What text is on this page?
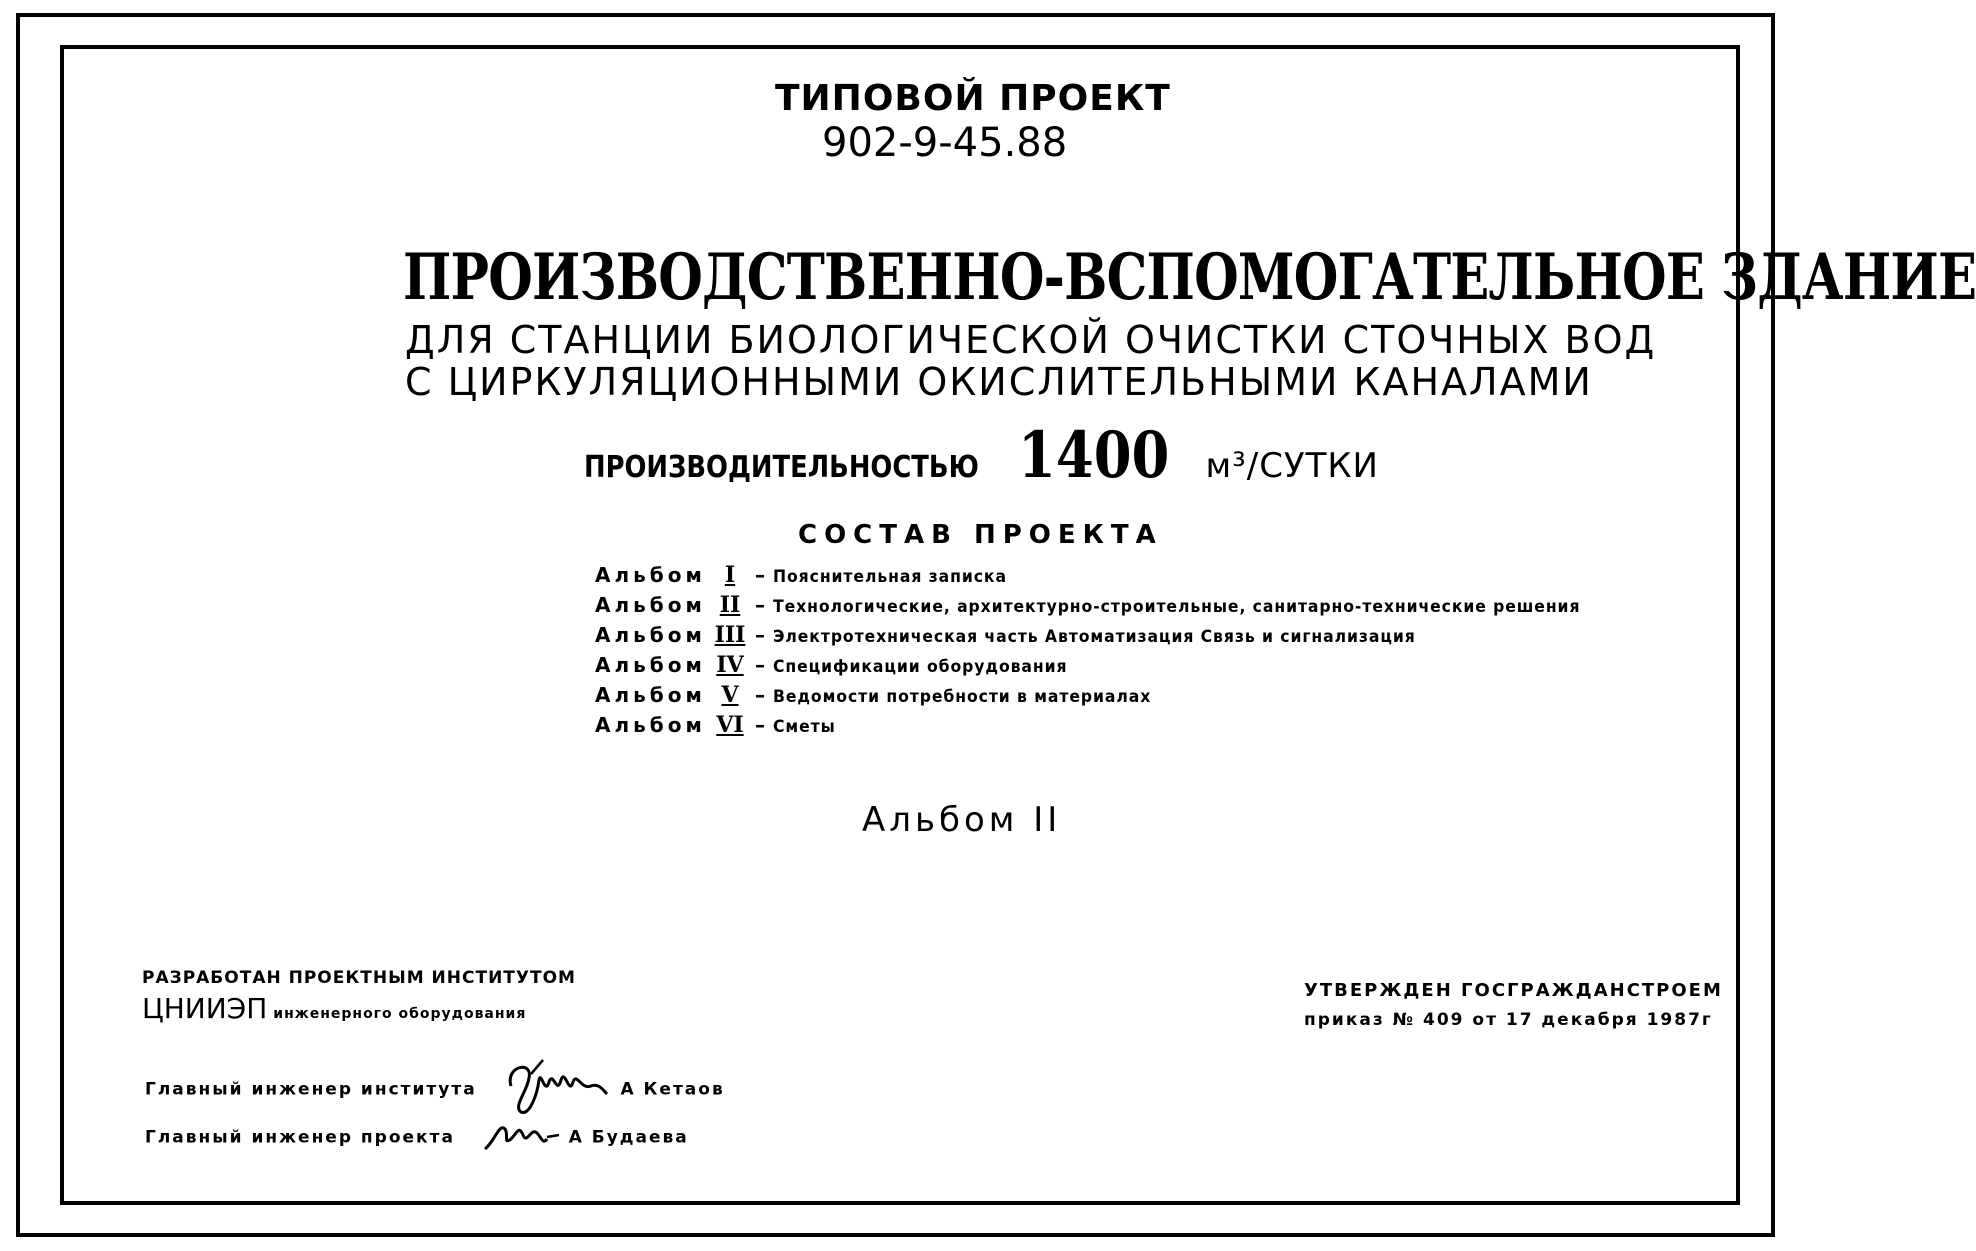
ТИПОВОЙ ПРОЕКТ
902-9-45.88
ПРОИЗВОДСТВЕННО-ВСПОМОГАТЕЛЬНОЕ ЗДАНИЕ
ДЛЯ СТАНЦИИ БИОЛОГИЧЕСКОЙ ОЧИСТКИ СТОЧНЫХ ВОД
С ЦИРКУЛЯЦИОННЫМИ ОКИСЛИТЕЛЬНЫМИ КАНАЛАМИ
ПРОИЗВОДИТЕЛЬНОСТЬЮ 1400 м³/СУТКИ
СОСТАВ ПРОЕКТА
Альбом I – Пояснительная записка
Альбом II – Технологические, архитектурно-строительные, санитарно-технические решения
Альбом III – Электротехническая часть Автоматизация Связь и сигнализация
Альбом IV – Спецификации оборудования
Альбом V – Ведомости потребности в материалах
Альбом VI – Сметы
Альбом II
РАЗРАБОТАН ПРОЕКТНЫМ ИНСТИТУТОМ
ЦНИИЭП инженерного оборудования
Главный инженер института	А Кетаов
Главный инженер проекта	А Будаева
УТВЕРЖДЕН ГОСГРАЖДАНСТРОЕМ
приказ № 409 от 17 декабря 1987г
